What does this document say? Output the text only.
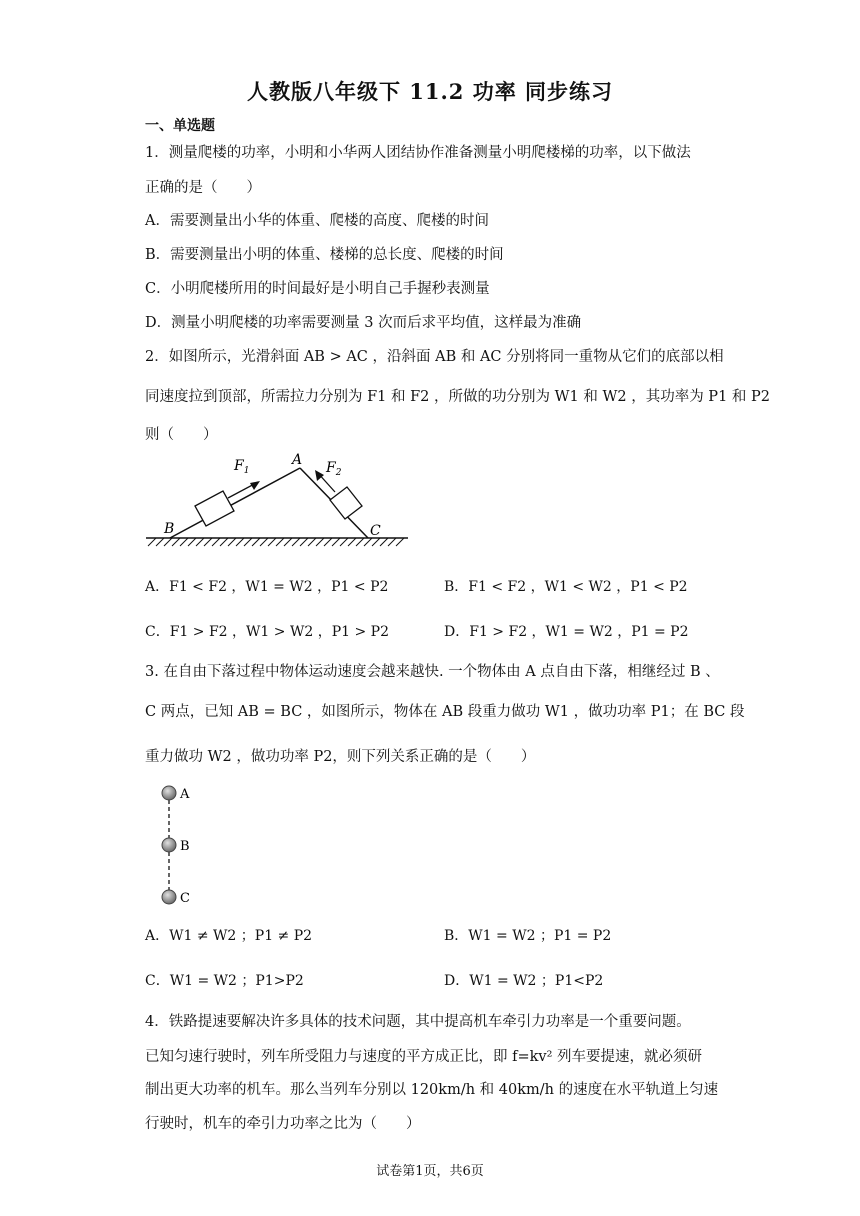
人教版八年级下 11.2 功率 同步练习
一、单选题
1．测量爬楼的功率，小明和小华两人团结协作准备测量小明爬楼梯的功率，以下做法
正确的是（　　）
A．需要测量出小华的体重、爬楼的高度、爬楼的时间
B．需要测量出小明的体重、楼梯的总长度、爬楼的时间
C．小明爬楼所用的时间最好是小明自己手握秒表测量
D．测量小明爬楼的功率需要测量 3 次而后求平均值，这样最为准确
2．如图所示，光滑斜面 AB > AC ，沿斜面 AB 和 AC 分别将同一重物从它们的底部以相
同速度拉到顶部，所需拉力分别为 F1 和 F2 ，所做的功分别为 W1 和 W2 ，其功率为 P1 和 P2
则（　　）
$F_1$	$F_2$
A
B	C
A．F1 < F2 ，W1 = W2 ，P1 < P2	B．F1 < F2 ，W1 < W2 ，P1 < P2
C．F1 > F2 ，W1 > W2 ，P1 > P2	D．F1 > F2 ，W1 = W2 ，P1 = P2
3. 在自由下落过程中物体运动速度会越来越快. 一个物体由 A 点自由下落，相继经过 B 、
C 两点，已知 AB = BC ，如图所示，物体在 AB 段重力做功 W1 ，做功功率 P1；在 BC 段
重力做功 W2 ，做功功率 P2，则下列关系正确的是（　　）
A
B
C
A．W1 ≠ W2 ；P1 ≠ P2	B．W1 = W2 ；P1 = P2
C．W1 = W2 ；P1>P2	D．W1 = W2 ；P1<P2
4．铁路提速要解决许多具体的技术问题，其中提高机车牵引力功率是一个重要问题。
已知匀速行驶时，列车所受阻力与速度的平方成正比，即 f=kv² 列车要提速，就必须研
制出更大功率的机车。那么当列车分别以 120km/h 和 40km/h 的速度在水平轨道上匀速
行驶时，机车的牵引力功率之比为（　　）
试卷第1页，共6页
